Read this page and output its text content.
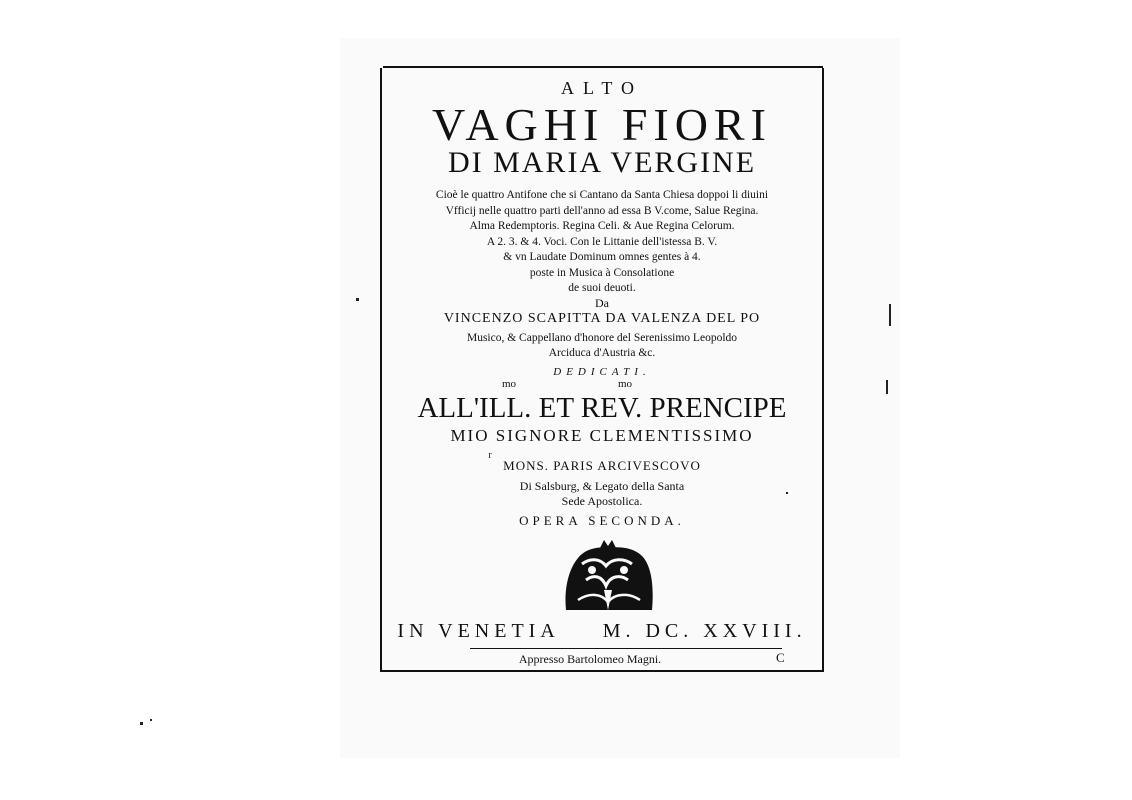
ALTO
VAGHI FIORI
DI MARIA VERGINE
Cioè le quattro Antifone che si Cantano da Santa Chiesa doppoi li diuini
Vfficij nelle quattro parti dell'anno ad essa B V.come, Salue Regina.
Alma Redemptoris. Regina Celi. & Aue Regina Celorum.
A 2. 3. & 4. Voci. Con le Littanie dell'istessa B. V.
& vn Laudate Dominum omnes gentes à 4.
poste in Musica à Consolatione
de suoi deuoti.
Da
VINCENZO SCAPITTA DA VALENZA DEL PO
Musico, & Cappellano d'honore del Serenissimo Leopoldo
Arciduca d'Austria &c.
DEDICATI.
mo	mo
ALL'ILL. ET REV. PRENCIPE
MIO SIGNORE CLEMENTISSIMO
r
MONS. PARIS ARCIVESCOVO
Di Salsburg, & Legato della Santa
Sede Apostolica.
OPERA SECONDA.
IN VENETIA M. DC. XXVIII.
Appresso Bartolomeo Magni.	C
